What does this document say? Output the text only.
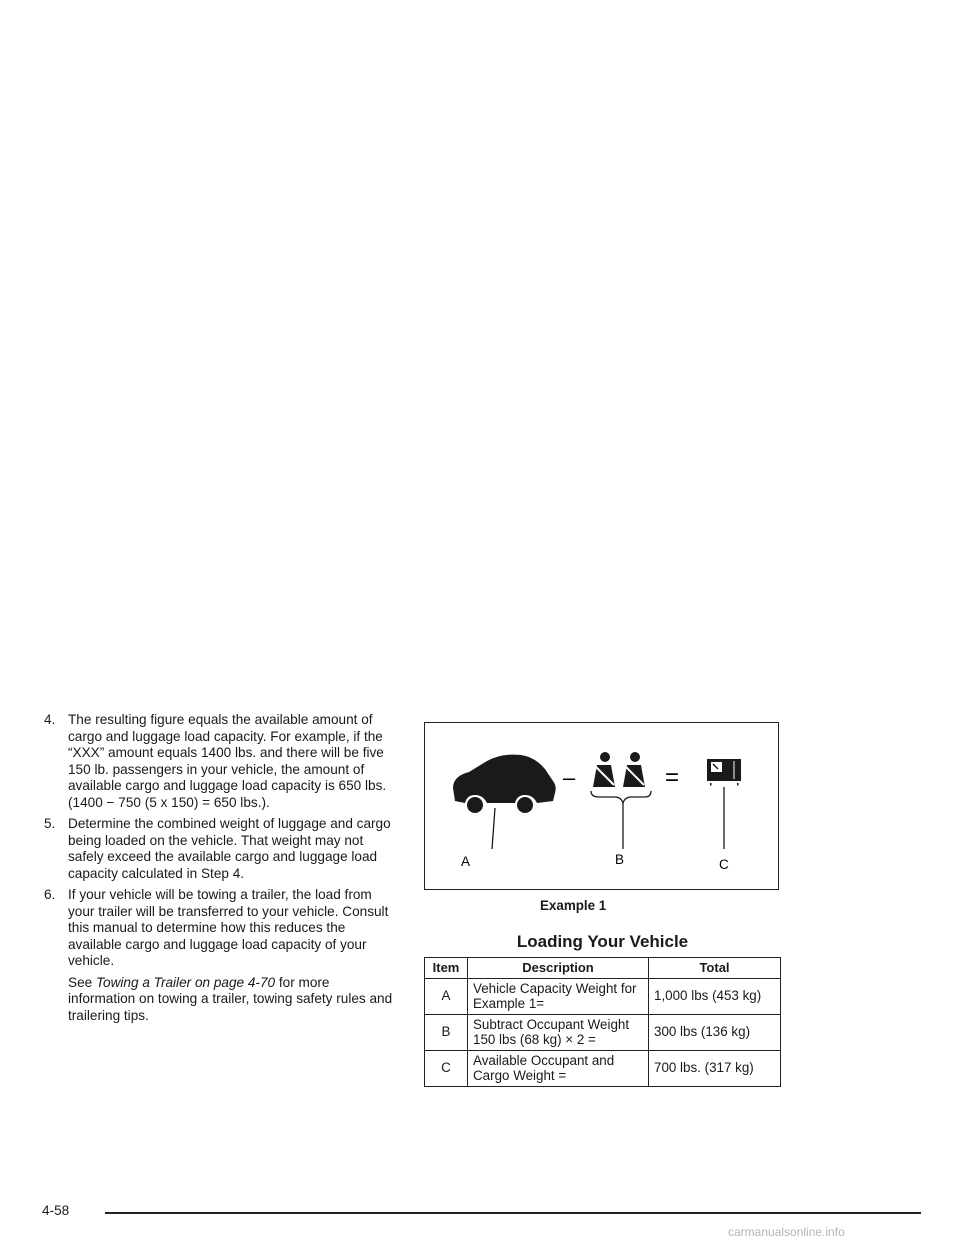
4. The resulting figure equals the available amount of cargo and luggage load capacity. For example, if the “XXX” amount equals 1400 lbs. and there will be five 150 lb. passengers in your vehicle, the amount of available cargo and luggage load capacity is 650 lbs. (1400 − 750 (5 x 150) = 650 lbs.).
5. Determine the combined weight of luggage and cargo being loaded on the vehicle. That weight may not safely exceed the available cargo and luggage load capacity calculated in Step 4.
6. If your vehicle will be towing a trailer, the load from your trailer will be transferred to your vehicle. Consult this manual to determine how this reduces the available cargo and luggage load capacity of your vehicle.
See Towing a Trailer on page 4-70 for more information on towing a trailer, towing safety rules and trailering tips.
–	=
A	B	C
Example 1
Loading Your Vehicle
Item	Description	Total
A	Vehicle Capacity Weight for Example 1=	1,000 lbs (453 kg)
B	Subtract Occupant Weight 150 lbs (68 kg) × 2 =	300 lbs (136 kg)
C	Available Occupant and Cargo Weight =	700 lbs. (317 kg)
4-58
carmanualsonline.info
